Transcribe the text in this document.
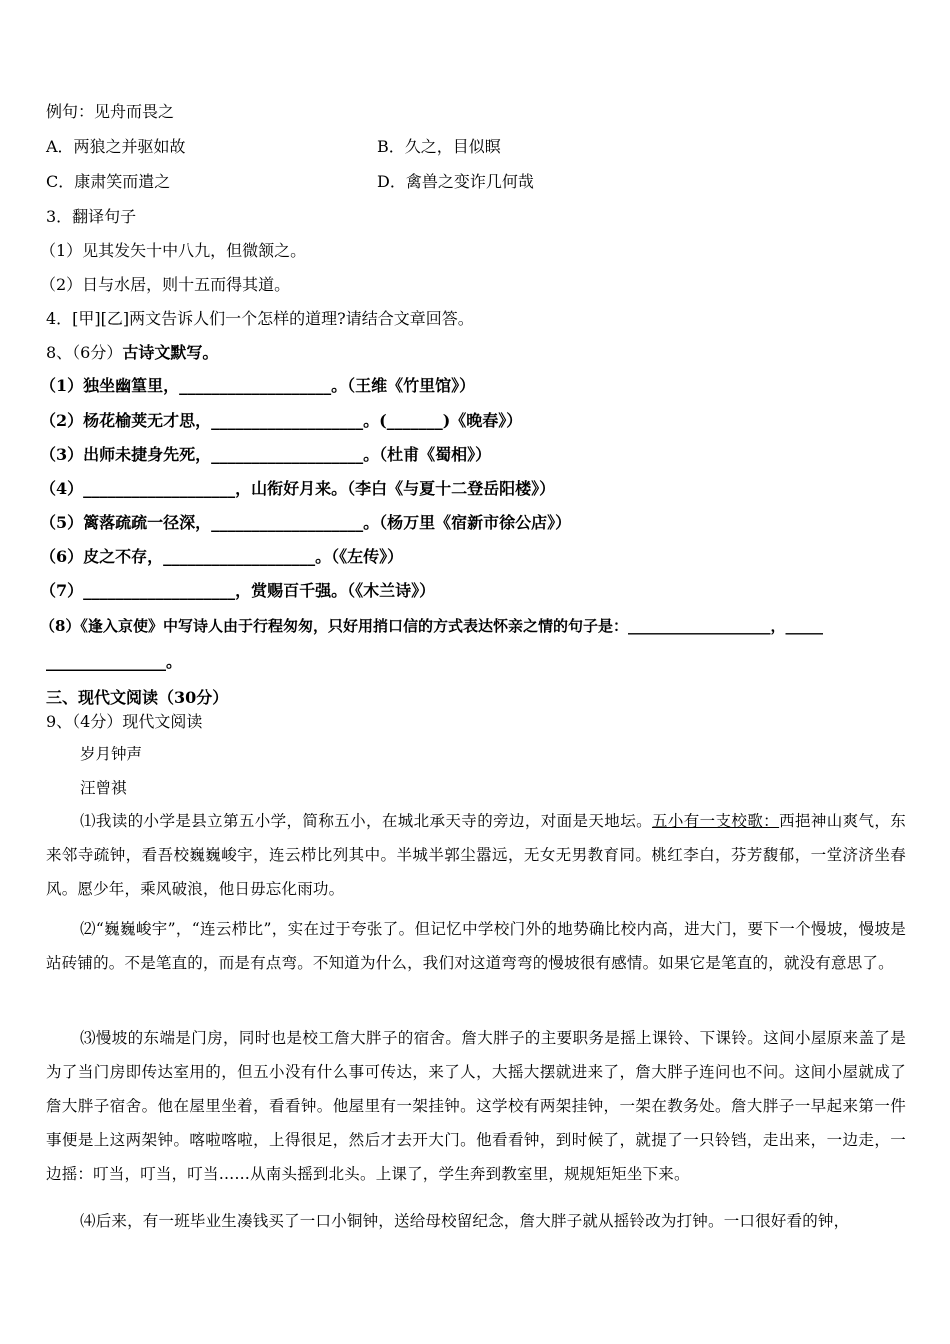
例句：见舟而畏之
A．两狼之并驱如故	B．久之，目似瞑
C．康肃笑而遣之	D．禽兽之变诈几何哉
3．翻译句子
（1）见其发矢十中八九，但微颔之。
（2）日与水居，则十五而得其道。
4．[甲][乙]两文告诉人们一个怎样的道理?请结合文章回答。
8、（6分）古诗文默写。
（1）独坐幽篁里，___________________。（王维《竹里馆》）
（2）杨花榆荚无才思，___________________。(_______)《晚春》）
（3）出师未捷身先死，___________________。（杜甫《蜀相》）
（4）___________________，山衔好月来。（李白《与夏十二登岳阳楼》）
（5）篱落疏疏一径深，___________________。（杨万里《宿新市徐公店》）
（6）皮之不存，___________________。（《左传》）
（7）___________________，赏赐百千强。（《木兰诗》）
（8）《逢入京使》中写诗人由于行程匆匆，只好用捎口信的方式表达怀亲之情的句子是：___________________，_____
_______________。
三、现代文阅读（30分）
9、（4分）现代文阅读
岁月钟声
汪曾祺
⑴我读的小学是县立第五小学，简称五小，在城北承天寺的旁边，对面是天地坛。五小有一支校歌：西挹神山爽气，东来邻寺疏钟，看吾校巍巍峻宇，连云栉比列其中。半城半郭尘嚣远，无女无男教育同。桃红李白，芬芳馥郁，一堂济济坐春风。愿少年，乘风破浪，他日毋忘化雨功。
⑵“巍巍峻宇”，“连云栉比”，实在过于夸张了。但记忆中学校门外的地势确比校内高，进大门，要下一个慢坡，慢坡是站砖铺的。不是笔直的，而是有点弯。不知道为什么，我们对这道弯弯的慢坡很有感情。如果它是笔直的，就没有意思了。
⑶慢坡的东端是门房，同时也是校工詹大胖子的宿舍。詹大胖子的主要职务是摇上课铃、下课铃。这间小屋原来盖了是为了当门房即传达室用的，但五小没有什么事可传达，来了人，大摇大摆就进来了，詹大胖子连问也不问。这间小屋就成了詹大胖子宿舍。他在屋里坐着，看看钟。他屋里有一架挂钟。这学校有两架挂钟，一架在教务处。詹大胖子一早起来第一件事便是上这两架钟。喀啦喀啦，上得很足，然后才去开大门。他看看钟，到时候了，就提了一只铃铛，走出来，一边走，一边摇：叮当，叮当，叮当……从南头摇到北头。上课了，学生奔到教室里，规规矩矩坐下来。
⑷后来，有一班毕业生凑钱买了一口小铜钟，送给母校留纪念，詹大胖子就从摇铃改为打钟。一口很好看的钟，
